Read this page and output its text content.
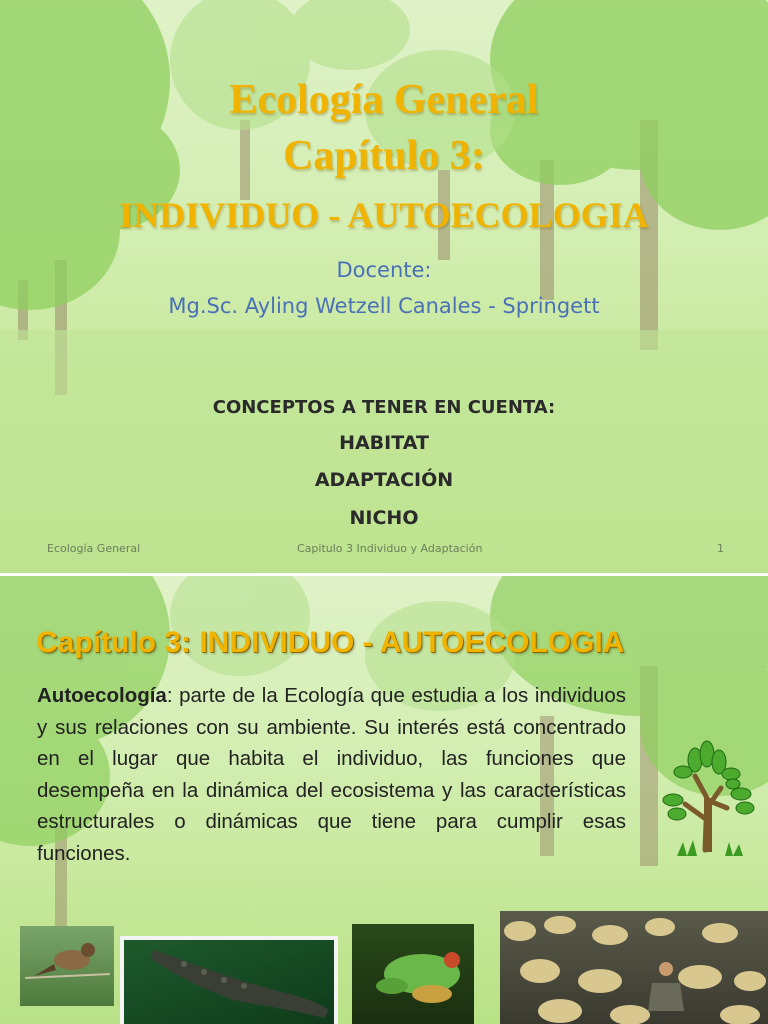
Ecología General
Capítulo 3:
INDIVIDUO - AUTOECOLOGIA
Docente:
Mg.Sc. Ayling Wetzell Canales - Springett
CONCEPTOS A TENER EN CUENTA:
HABITAT
ADAPTACIÓN
NICHO
Ecología General	Capitulo 3 Individuo y Adaptación	1
Capítulo 3: INDIVIDUO - AUTOECOLOGIA
Autoecología: parte de la Ecología que estudia a los individuos y sus relaciones con su ambiente. Su interés está concentrado en el lugar que habita el individuo, las funciones que desempeña en la dinámica del ecosistema y las características estructurales o dinámicas que tiene para cumplir esas funciones.
